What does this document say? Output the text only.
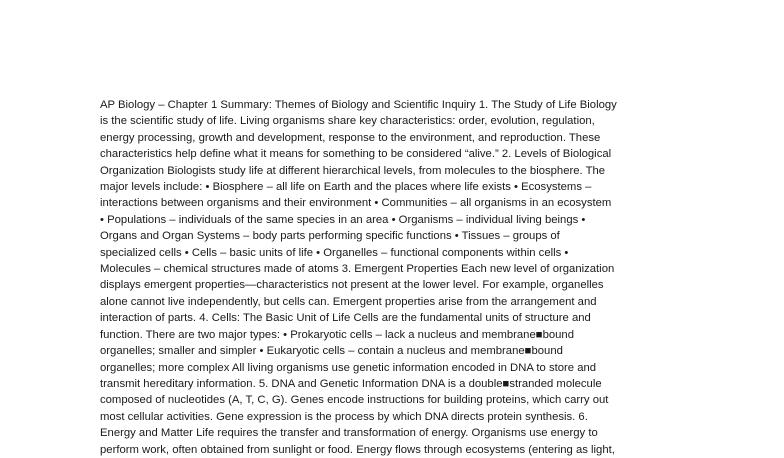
AP Biology – Chapter 1 Summary: Themes of Biology and Scientific Inquiry 1. The Study of Life Biology
is the scientific study of life. Living organisms share key characteristics: order, evolution, regulation,
energy processing, growth and development, response to the environment, and reproduction. These
characteristics help define what it means for something to be considered “alive.” 2. Levels of Biological
Organization Biologists study life at different hierarchical levels, from molecules to the biosphere. The
major levels include: • Biosphere – all life on Earth and the places where life exists • Ecosystems –
interactions between organisms and their environment • Communities – all organisms in an ecosystem
• Populations – individuals of the same species in an area • Organisms – individual living beings •
Organs and Organ Systems – body parts performing specific functions • Tissues – groups of
specialized cells • Cells – basic units of life • Organelles – functional components within cells •
Molecules – chemical structures made of atoms 3. Emergent Properties Each new level of organization
displays emergent properties—characteristics not present at the lower level. For example, organelles
alone cannot live independently, but cells can. Emergent properties arise from the arrangement and
interaction of parts. 4. Cells: The Basic Unit of Life Cells are the fundamental units of structure and
function. There are two major types: • Prokaryotic cells – lack a nucleus and membrane■bound
organelles; smaller and simpler • Eukaryotic cells – contain a nucleus and membrane■bound
organelles; more complex All living organisms use genetic information encoded in DNA to store and
transmit hereditary information. 5. DNA and Genetic Information DNA is a double■stranded molecule
composed of nucleotides (A, T, C, G). Genes encode instructions for building proteins, which carry out
most cellular activities. Gene expression is the process by which DNA directs protein synthesis. 6.
Energy and Matter Life requires the transfer and transformation of energy. Organisms use energy to
perform work, often obtained from sunlight or food. Energy flows through ecosystems (entering as light,
